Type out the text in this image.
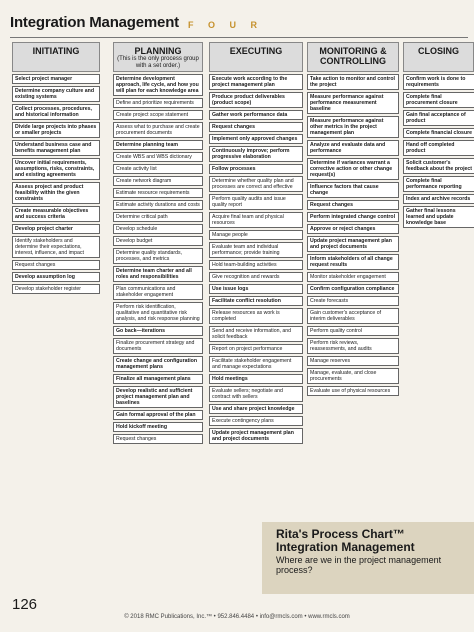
Integration Management F O U R
INITIATING
Select project manager
Determine company culture and existing systems
Collect processes, procedures, and historical information
Divide large projects into phases or smaller projects
Understand business case and benefits management plan
Uncover initial requirements, assumptions, risks, constraints, and existing agreements
Assess project and product feasibility within the given constraints
Create measurable objectives and success criteria
Develop project charter
Identify stakeholders and determine their expectations, interest, influence, and impact
Request changes
Develop assumption log
Develop stakeholder register
PLANNING
(This is the only process group with a set order.)
Determine development approach, life cycle, and how you will plan for each knowledge area
Define and prioritize requirements
Create project scope statement
Assess what to purchase and create procurement documents
Determine planning team
Create WBS and WBS dictionary
Create activity list
Create network diagram
Estimate resource requirements
Estimate activity durations and costs
Determine critical path
Develop schedule
Develop budget
Determine quality standards, processes, and metrics
Determine team charter and all roles and responsibilities
Plan communications and stakeholder engagement
Perform risk identification, qualitative and quantitative risk analysis, and risk response planning
Go back—iterations
Finalize procurement strategy and documents
Create change and configuration management plans
Finalize all management plans
Develop realistic and sufficient project management plan and baselines
Gain formal approval of the plan
Hold kickoff meeting
Request changes
EXECUTING
Execute work according to the project management plan
Produce product deliverables (product scope)
Gather work performance data
Request changes
Implement only approved changes
Continuously improve; perform progressive elaboration
Follow processes
Determine whether quality plan and processes are correct and effective
Perform quality audits and issue quality report
Acquire final team and physical resources
Manage people
Evaluate team and individual performance; provide training
Hold team-building activities
Give recognition and rewards
Use issue logs
Facilitate conflict resolution
Release resources as work is completed
Send and receive information, and solicit feedback
Report on project performance
Facilitate stakeholder engagement and manage expectations
Hold meetings
Evaluate sellers; negotiate and contract with sellers
Use and share project knowledge
Execute contingency plans
Update project management plan and project documents
MONITORING & CONTROLLING
Take action to monitor and control the project
Measure performance against performance measurement baseline
Measure performance against other metrics in the project management plan
Analyze and evaluate data and performance
Determine if variances warrant a corrective action or other change request(s)
Influence factors that cause change
Request changes
Perform integrated change control
Approve or reject changes
Update project management plan and project documents
Inform stakeholders of all change request results
Monitor stakeholder engagement
Confirm configuration compliance
Create forecasts
Gain customer's acceptance of interim deliverables
Perform quality control
Perform risk reviews, reassessments, and audits
Manage reserves
Manage, evaluate, and close procurements
Evaluate use of physical resources
CLOSING
Confirm work is done to requirements
Complete final procurement closure
Gain final acceptance of product
Complete financial closure
Hand off completed product
Solicit customer's feedback about the project
Complete final performance reporting
Index and archive records
Gather final lessons learned and update knowledge base
Rita's Process Chart™
Integration Management
Where are we in the project management process?
126
© 2018 RMC Publications, Inc.™ • 952.846.4484 • info@rmcls.com • www.rmcls.com
